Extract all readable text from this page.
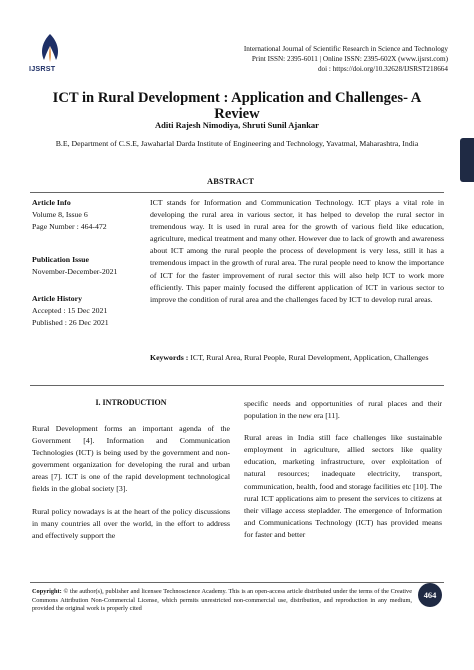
IJSRST
International Journal of Scientific Research in Science and Technology
Print ISSN: 2395-6011 | Online ISSN: 2395-602X (www.ijsrst.com)
doi : https://doi.org/10.32628/IJSRST218664
ICT in Rural Development : Application and Challenges- A Review
Aditi Rajesh Nimodiya, Shruti Sunil Ajankar
B.E, Department of C.S.E, Jawaharlal Darda Institute of Engineering and Technology, Yavatmal, Maharashtra, India
ABSTRACT
Article Info
Volume 8, Issue 6
Page Number : 464-472
Publication Issue
November-December-2021
Article History
Accepted : 15 Dec 2021
Published : 26 Dec 2021
ICT stands for Information and Communication Technology. ICT plays a vital role in developing the rural area in various sector, it has helped to develop the rural sector in tremendous way. It is used in rural area for the growth of various field like education, agriculture, medical treatment and many other. However due to lack of growth and awareness about ICT among the rural people the process of development is very less, still it has a tremendous impact in the growth of rural area. The rural people need to know the importance of ICT for the faster improvement of rural sector this will also help ICT to work more efficiently. This paper mainly focused the different application of ICT in various sector to improve the condition of rural area and the challenges faced by ICT to develop rural areas.
Keywords : ICT, Rural Area, Rural People, Rural Development, Application, Challenges
I. INTRODUCTION

Rural Development forms an important agenda of the Government [4]. Information and Communication Technologies (ICT) is being used by the government and non-government organization for developing the rural and urban areas [7]. ICT is one of the rapid development technological fields in the global society [3].

Rural policy nowadays is at the heart of the policy discussions in many countries all over the world, in the effort to address and effectively support the

specific needs and opportunities of rural places and their population in the new era [11].

Rural areas in India still face challenges like sustainable employment in agriculture, allied sectors like quality education, marketing infrastructure, over exploitation of natural resources; inadequate electricity, transport, communication, health, food and storage facilities etc [10]. The rural ICT applications aim to present the services to citizens at their village access stepladder. The emergence of Information and Communications Technology (ICT) has provided means for faster and better

Copyright: © the author(s), publisher and licensee Technoscience Academy. This is an open-access article distributed under the terms of the Creative Commons Attribution Non-Commercial License, which permits unrestricted non-commercial use, distribution, and reproduction in any medium, provided the original work is properly cited
464
